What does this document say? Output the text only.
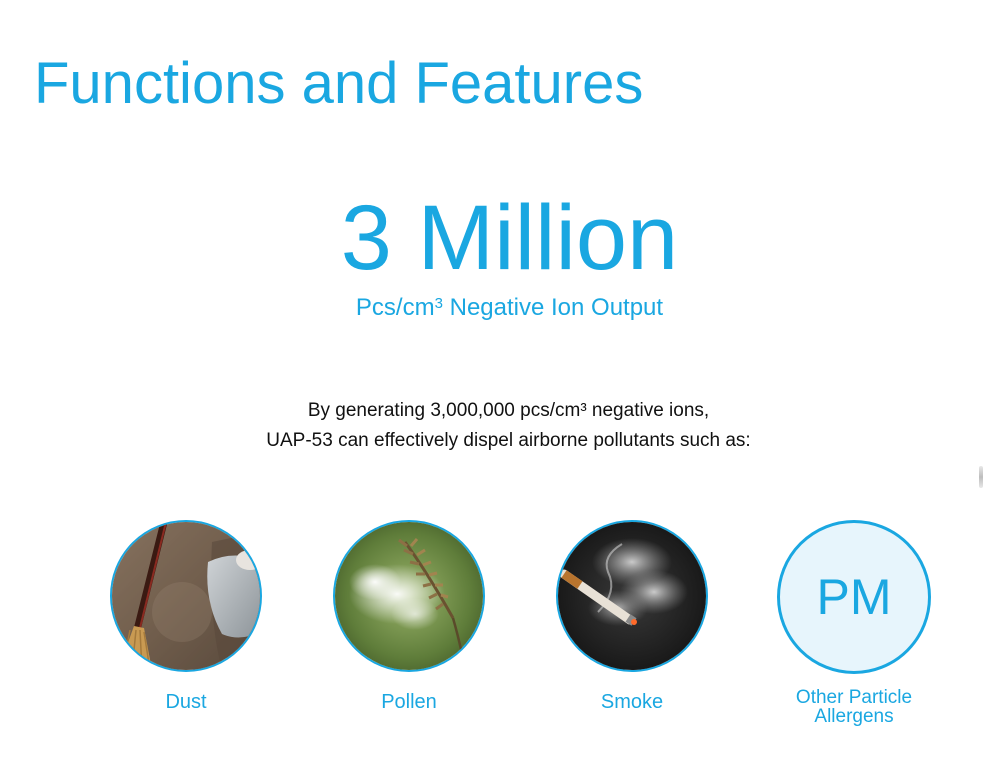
Functions and Features
3 Million
Pcs/$cm^3$ Negative Ion Output
By generating 3,000,000 pcs/cm³ negative ions,
UAP-53 can effectively dispel airborne pollutants such as:
Dust	Pollen	Smoke
PM
Other Particle
Allergens
